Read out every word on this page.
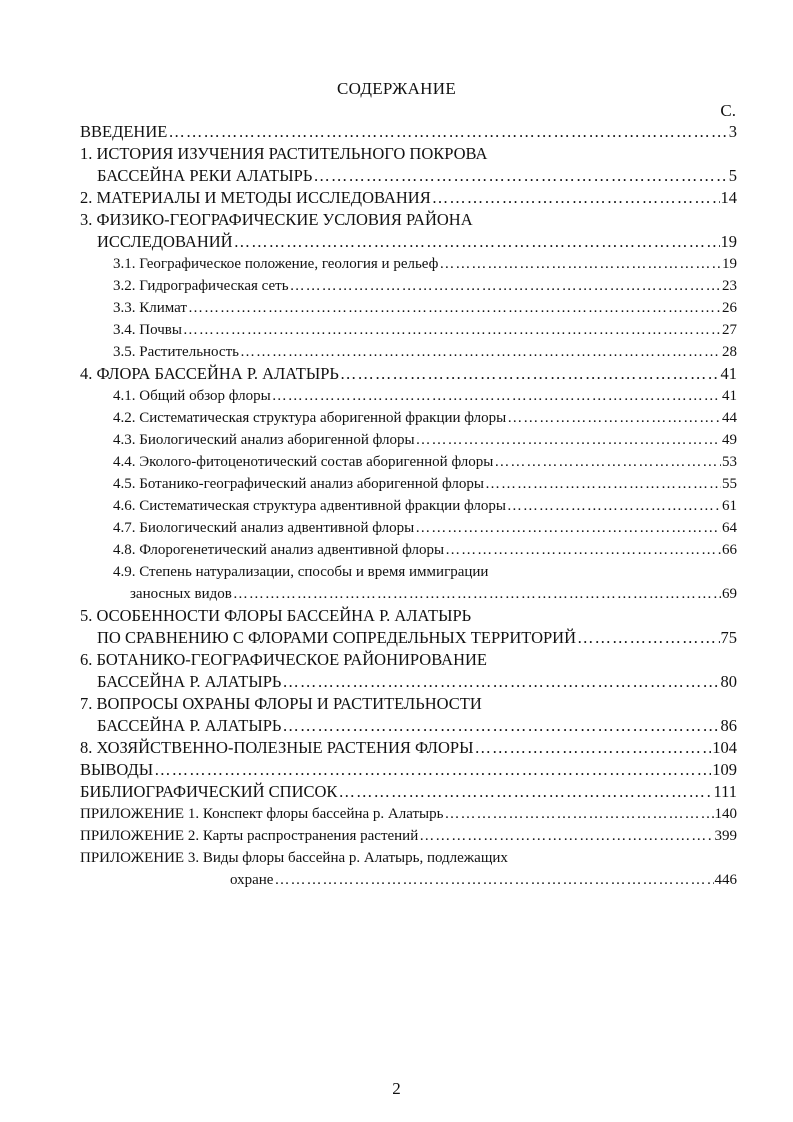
СОДЕРЖАНИЕ
С.
ВВЕДЕНИЕ ……………………………………………………………………………………………………………………………………………………………………………………………	3
1. ИСТОРИЯ ИЗУЧЕНИЯ РАСТИТЕЛЬНОГО ПОКРОВА
БАССЕЙНА РЕКИ АЛАТЫРЬ ……………………………………………………………………………………………………………………………………………………………………………………………	5
2. МАТЕРИАЛЫ И МЕТОДЫ ИССЛЕДОВАНИЯ ……………………………………………………………………………………………………………………………………………………………………………………………	14
3. ФИЗИКО-ГЕОГРАФИЧЕСКИЕ УСЛОВИЯ РАЙОНА
ИССЛЕДОВАНИЙ ……………………………………………………………………………………………………………………………………………………………………………………………	19
3.1. Географическое положение, геология и рельеф ……………………………………………………………………………………………………………………………………………………………………………………………	19
3.2. Гидрографическая сеть ……………………………………………………………………………………………………………………………………………………………………………………………	23
3.3. Климат ……………………………………………………………………………………………………………………………………………………………………………………………	26
3.4. Почвы ……………………………………………………………………………………………………………………………………………………………………………………………	27
3.5. Растительность ……………………………………………………………………………………………………………………………………………………………………………………………	28
4. ФЛОРА БАССЕЙНА Р. АЛАТЫРЬ ……………………………………………………………………………………………………………………………………………………………………………………………	41
4.1. Общий обзор флоры ……………………………………………………………………………………………………………………………………………………………………………………………	41
4.2. Систематическая структура аборигенной фракции флоры ……………………………………………………………………………………………………………………………………………………………………………………………	44
4.3. Биологический анализ аборигенной флоры ……………………………………………………………………………………………………………………………………………………………………………………………	49
4.4. Эколого-фитоценотический состав аборигенной флоры ……………………………………………………………………………………………………………………………………………………………………………………………	53
4.5. Ботанико-географический анализ аборигенной флоры ……………………………………………………………………………………………………………………………………………………………………………………………	55
4.6. Систематическая структура адвентивной фракции флоры ……………………………………………………………………………………………………………………………………………………………………………………………	61
4.7. Биологический анализ адвентивной флоры ……………………………………………………………………………………………………………………………………………………………………………………………	64
4.8. Флорогенетический анализ адвентивной флоры ……………………………………………………………………………………………………………………………………………………………………………………………	66
4.9. Степень натурализации, способы и время иммиграции
заносных видов ……………………………………………………………………………………………………………………………………………………………………………………………	69
5. ОСОБЕННОСТИ ФЛОРЫ БАССЕЙНА Р. АЛАТЫРЬ
ПО СРАВНЕНИЮ С ФЛОРАМИ СОПРЕДЕЛЬНЫХ ТЕРРИТОРИЙ ……………………………………………………………………………………………………………………………………………………………………………………………	75
6. БОТАНИКО-ГЕОГРАФИЧЕСКОЕ РАЙОНИРОВАНИЕ
БАССЕЙНА Р. АЛАТЫРЬ ……………………………………………………………………………………………………………………………………………………………………………………………	80
7. ВОПРОСЫ ОХРАНЫ ФЛОРЫ И РАСТИТЕЛЬНОСТИ
БАССЕЙНА Р. АЛАТЫРЬ ……………………………………………………………………………………………………………………………………………………………………………………………	86
8. ХОЗЯЙСТВЕННО-ПОЛЕЗНЫЕ РАСТЕНИЯ ФЛОРЫ ……………………………………………………………………………………………………………………………………………………………………………………………	104
ВЫВОДЫ ……………………………………………………………………………………………………………………………………………………………………………………………	109
БИБЛИОГРАФИЧЕСКИЙ СПИСОК ……………………………………………………………………………………………………………………………………………………………………………………………	111
ПРИЛОЖЕНИЕ 1. Конспект флоры бассейна р. Алатырь ……………………………………………………………………………………………………………………………………………………………………………………………	140
ПРИЛОЖЕНИЕ 2. Карты распространения растений ……………………………………………………………………………………………………………………………………………………………………………………………	399
ПРИЛОЖЕНИЕ 3. Виды флоры бассейна р. Алатырь, подлежащих
охране ……………………………………………………………………………………………………………………………………………………………………………………………	446
2
